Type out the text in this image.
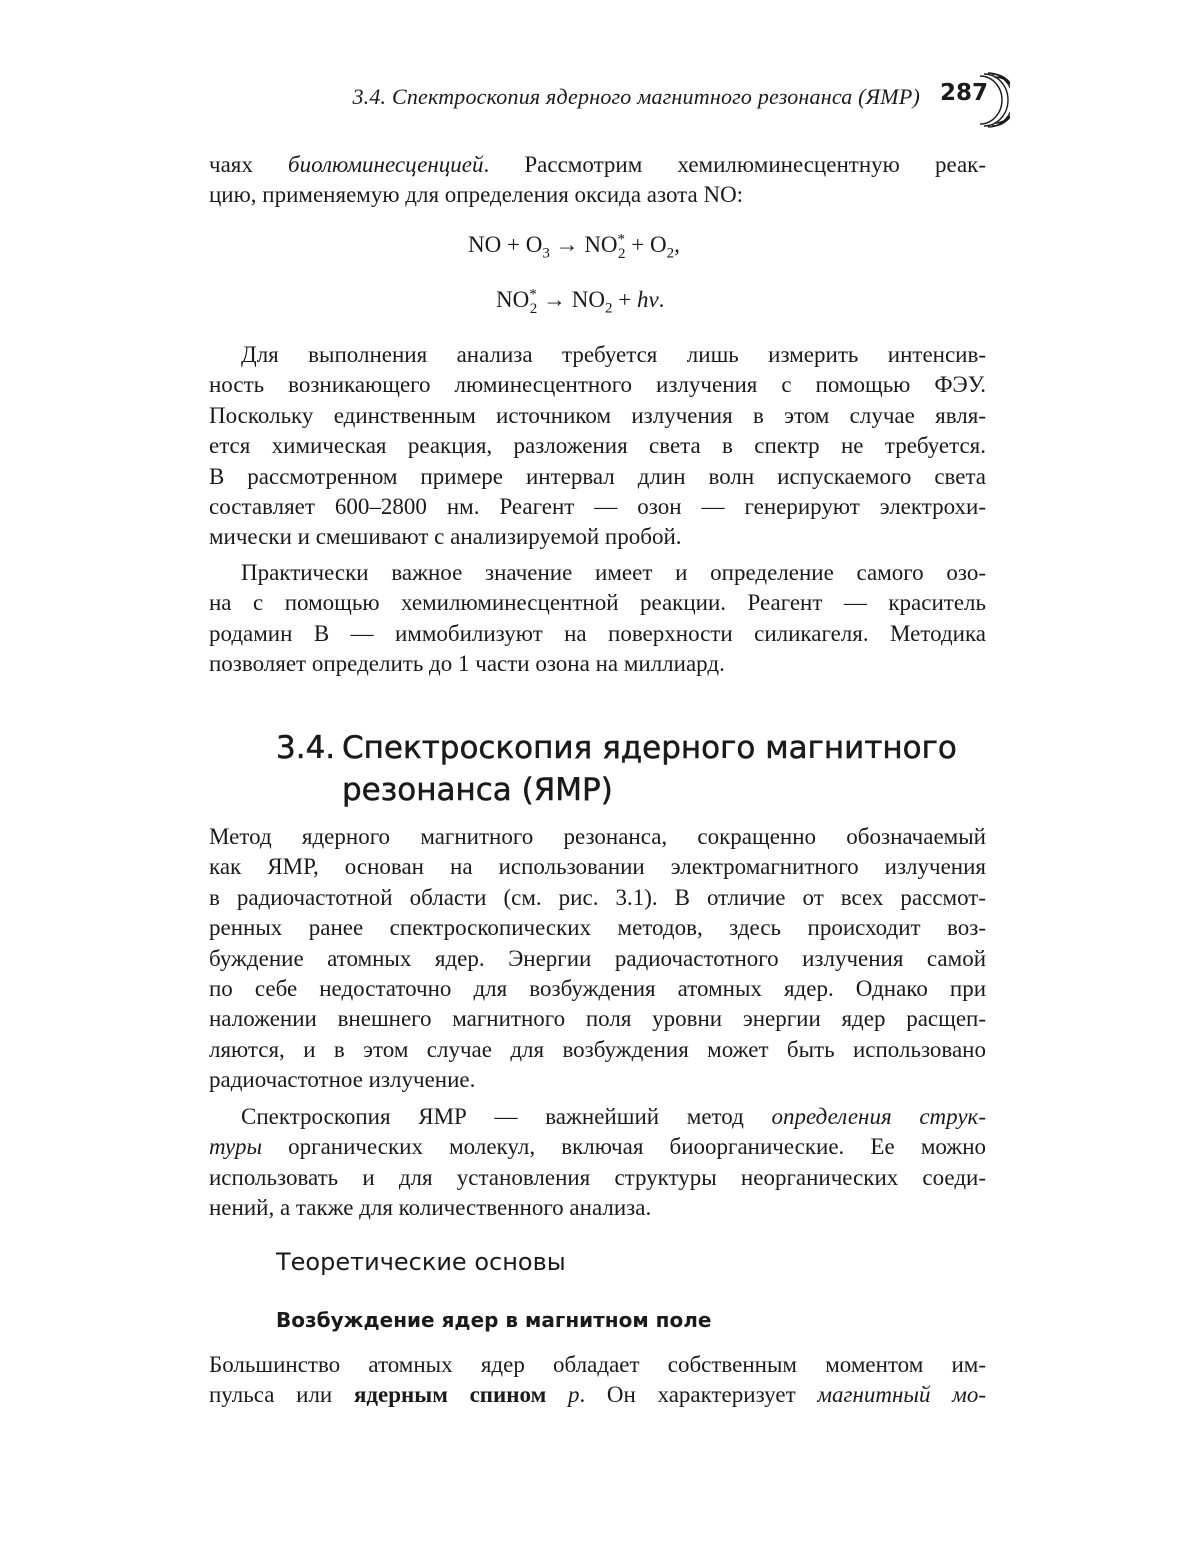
3.4. Спектроскопия ядерного магнитного резонанса (ЯМР) 287
чаях биолюминесценцией. Рассмотрим хемилюминесцентную реак-
цию, применяемую для определения оксида азота NO:
NO + $O_3 \to NO^*_2 + O_2$,
$NO^*_2 \to NO_2 + h\nu$.
Для выполнения анализа требуется лишь измерить интенсив-
ность возникающего люминесцентного излучения с помощью ФЭУ.
Поскольку единственным источником излучения в этом случае явля-
ется химическая реакция, разложения света в спектр не требуется.
В рассмотренном примере интервал длин волн испускаемого света
составляет 600–2800 нм. Реагент — озон — генерируют электрохи-
мически и смешивают с анализируемой пробой.
Практически важное значение имеет и определение самого озо-
на с помощью хемилюминесцентной реакции. Реагент — краситель
родамин B — иммобилизуют на поверхности силикагеля. Методика
позволяет определить до 1 части озона на миллиард.
3.4. Спектроскопия ядерного магнитного
резонанса (ЯМР)
Метод ядерного магнитного резонанса, сокращенно обозначаемый
как ЯМР, основан на использовании электромагнитного излучения
в радиочастотной области (см. рис. 3.1). В отличие от всех рассмот-
ренных ранее спектроскопических методов, здесь происходит воз-
буждение атомных ядер. Энергии радиочастотного излучения самой
по себе недостаточно для возбуждения атомных ядер. Однако при
наложении внешнего магнитного поля уровни энергии ядер расщеп-
ляются, и в этом случае для возбуждения может быть использовано
радиочастотное излучение.
Спектроскопия ЯМР — важнейший метод определения струк-
туры органических молекул, включая биоорганические. Ее можно
использовать и для установления структуры неорганических соеди-
нений, а также для количественного анализа.
Теоретические основы
Возбуждение ядер в магнитном поле
Большинство атомных ядер обладает собственным моментом им-
пульса или ядерным спином p. Он характеризует магнитный мо-
